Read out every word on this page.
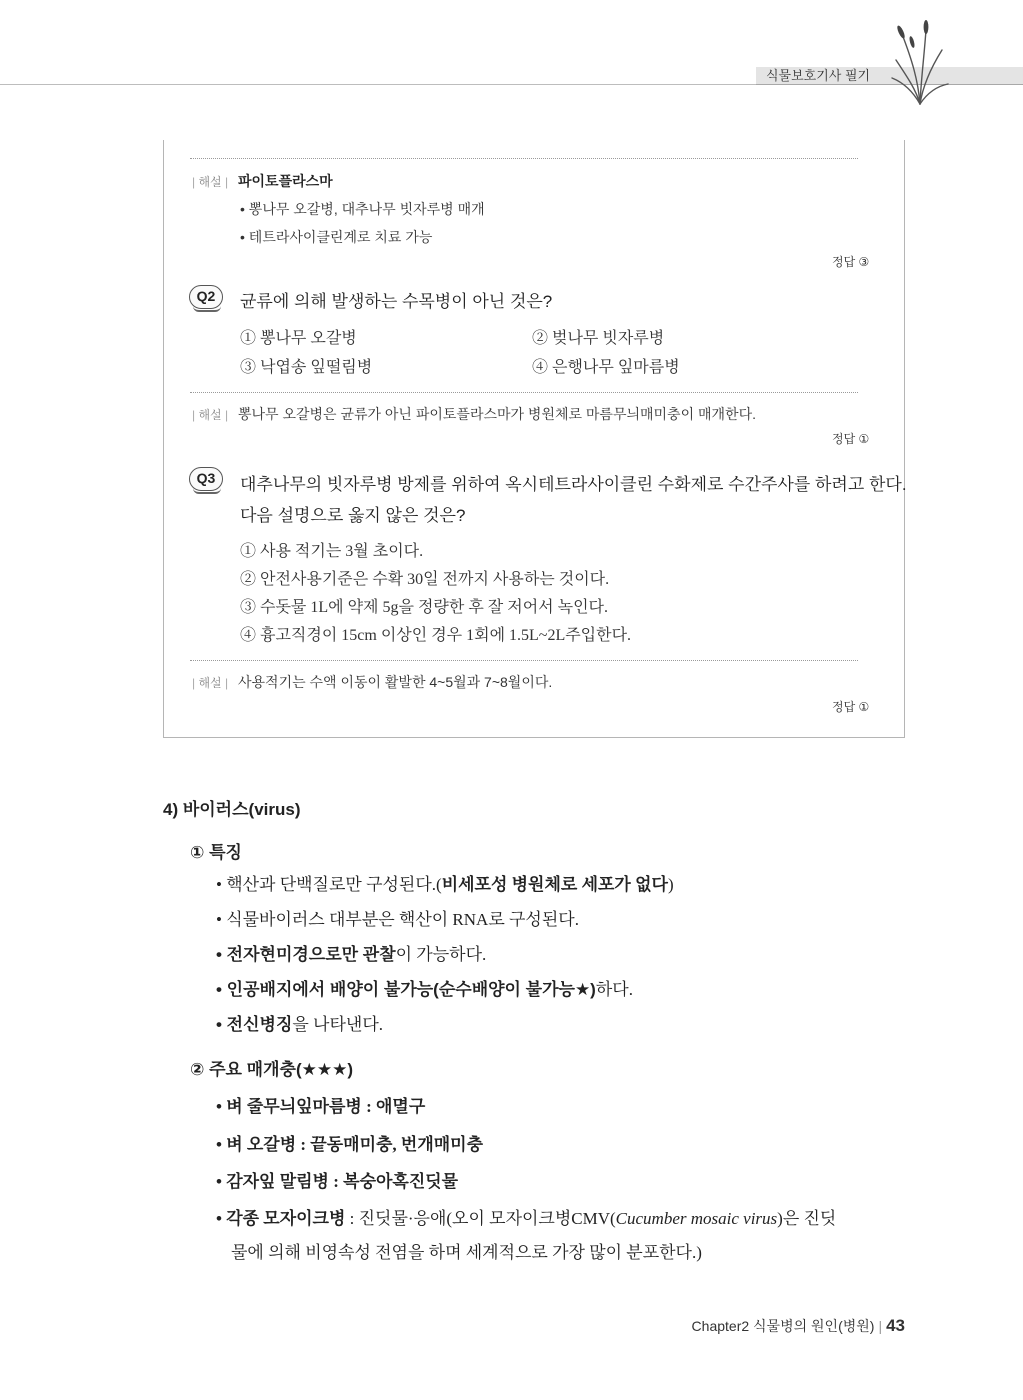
식물보호기사 필기
| 해설 | 파이토플라스마
• 뽕나무 오갈병, 대추나무 빗자루병 매개
• 테트라사이클린계로 치료 가능
정답 ③
Q2	균류에 의해 발생하는 수목병이 아닌 것은?
① 뽕나무 오갈병	② 벚나무 빗자루병
③ 낙엽송 잎떨림병	④ 은행나무 잎마름병
| 해설 | 뽕나무 오갈병은 균류가 아닌 파이토플라스마가 병원체로 마름무늬매미충이 매개한다.
정답 ①
Q3	대추나무의 빗자루병 방제를 위하여 옥시테트라사이클린 수화제로 수간주사를 하려고 한다.
다음 설명으로 옳지 않은 것은?
① 사용 적기는 3월 초이다.
② 안전사용기준은 수확 30일 전까지 사용하는 것이다.
③ 수돗물 1L에 약제 5g을 정량한 후 잘 저어서 녹인다.
④ 흉고직경이 15cm 이상인 경우 1회에 1.5L~2L주입한다.
| 해설 | 사용적기는 수액 이동이 활발한 4~5월과 7~8월이다.
정답 ①
4) 바이러스(virus)
① 특징
• 핵산과 단백질로만 구성된다.(비세포성 병원체로 세포가 없다)
• 식물바이러스 대부분은 핵산이 RNA로 구성된다.
• 전자현미경으로만 관찰이 가능하다.
• 인공배지에서 배양이 불가능(순수배양이 불가능★)하다.
• 전신병징을 나타낸다.
② 주요 매개충(★★★)
• 벼 줄무늬잎마름병 : 애멸구
• 벼 오갈병 : 끝동매미충, 번개매미충
• 감자잎 말림병 : 복숭아혹진딧물
• 각종 모자이크병 : 진딧물·응애(오이 모자이크병CMV(Cucumber mosaic virus)은 진딧
물에 의해 비영속성 전염을 하며 세계적으로 가장 많이 분포한다.)
Chapter2 식물병의 원인(병원) | 43
